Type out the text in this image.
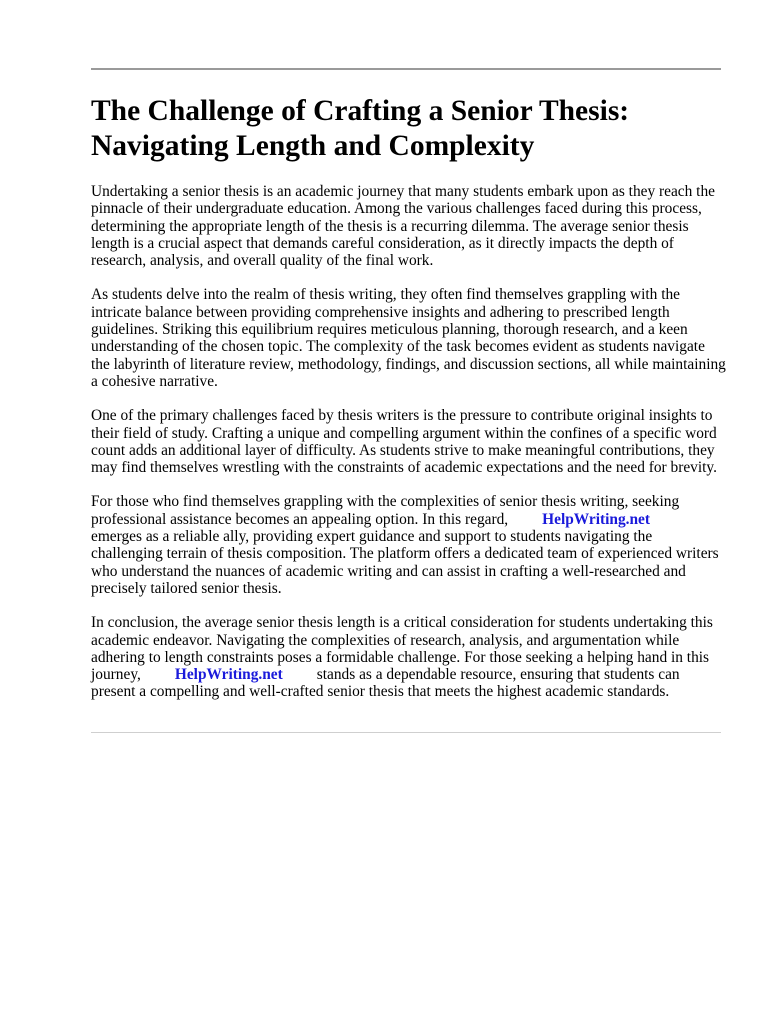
The Challenge of Crafting a Senior Thesis: Navigating Length and Complexity

Undertaking a senior thesis is an academic journey that many students embark upon as they reach the pinnacle of their undergraduate education. Among the various challenges faced during this process, determining the appropriate length of the thesis is a recurring dilemma. The average senior thesis length is a crucial aspect that demands careful consideration, as it directly impacts the depth of research, analysis, and overall quality of the final work.

As students delve into the realm of thesis writing, they often find themselves grappling with the intricate balance between providing comprehensive insights and adhering to prescribed length guidelines. Striking this equilibrium requires meticulous planning, thorough research, and a keen understanding of the chosen topic. The complexity of the task becomes evident as students navigate the labyrinth of literature review, methodology, findings, and discussion sections, all while maintaining a cohesive narrative.

One of the primary challenges faced by thesis writers is the pressure to contribute original insights to their field of study. Crafting a unique and compelling argument within the confines of a specific word count adds an additional layer of difficulty. As students strive to make meaningful contributions, they may find themselves wrestling with the constraints of academic expectations and the need for brevity.

For those who find themselves grappling with the complexities of senior thesis writing, seeking professional assistance becomes an appealing option. In this regard, HelpWriting.netemerges as a reliable ally, providing expert guidance and support to students navigating the challenging terrain of thesis composition. The platform offers a dedicated team of experienced writers who understand the nuances of academic writing and can assist in crafting a well-researched and precisely tailored senior thesis.

In conclusion, the average senior thesis length is a critical consideration for students undertaking this academic endeavor. Navigating the complexities of research, analysis, and argumentation while adhering to length constraints poses a formidable challenge. For those seeking a helping hand in this journey, HelpWriting.net stands as a dependable resource, ensuring that students can present a compelling and well-crafted senior thesis that meets the highest academic standards.
